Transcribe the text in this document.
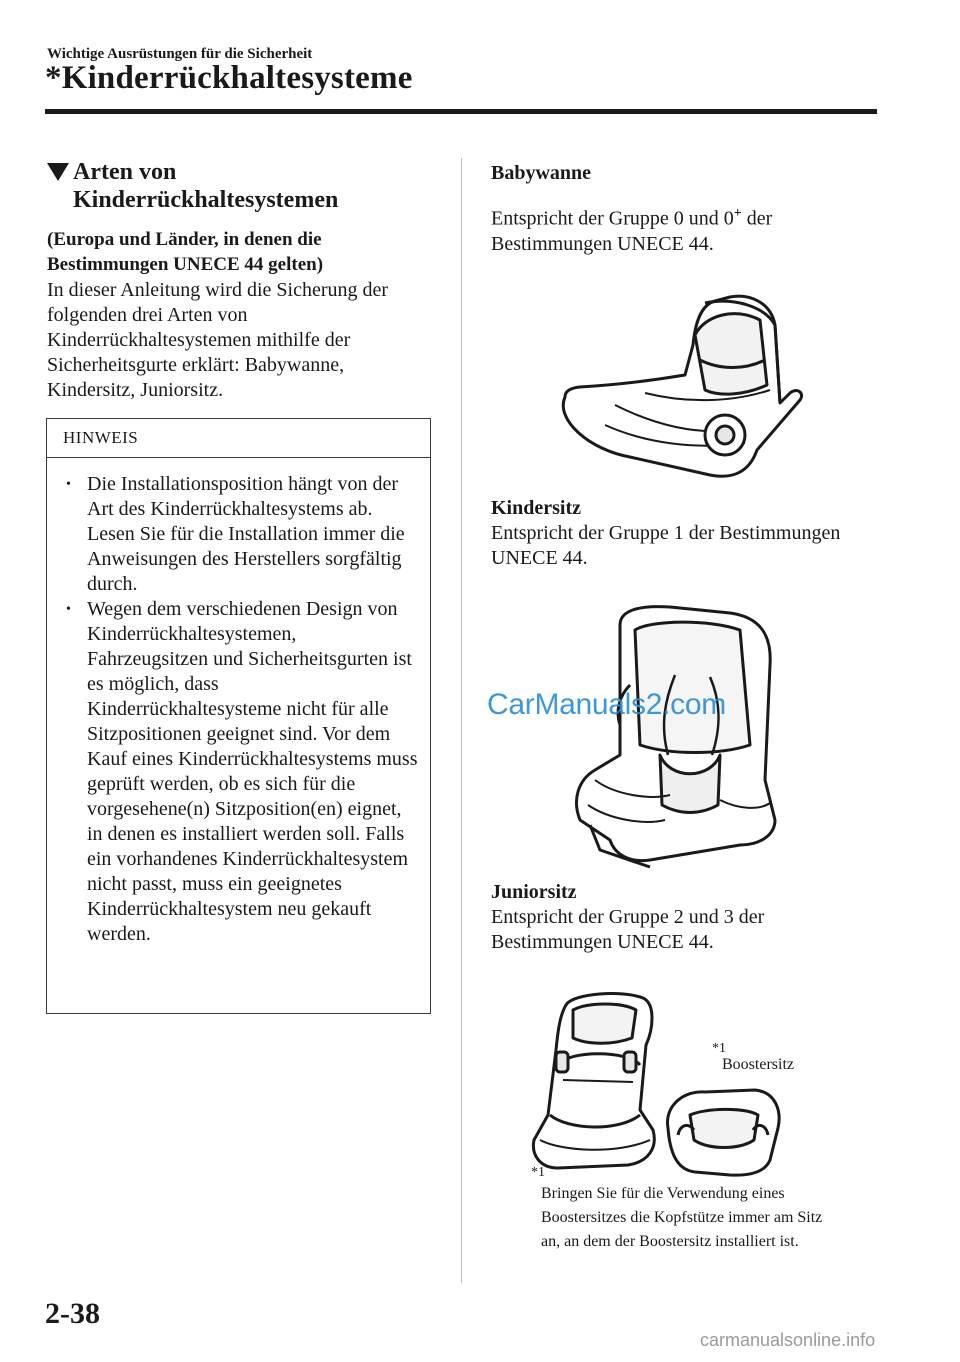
Wichtige Ausrüstungen für die Sicherheit
*Kinderrückhaltesysteme
Arten von
Kinderrückhaltesystemen
(Europa und Länder, in denen die Bestimmungen UNECE 44 gelten)
In dieser Anleitung wird die Sicherung der folgenden drei Arten von Kinderrückhaltesystemen mithilfe der Sicherheitsgurte erklärt: Babywanne, Kindersitz, Juniorsitz.
HINWEIS
• Die Installationsposition hängt von der Art des Kinderrückhaltesystems ab. Lesen Sie für die Installation immer die Anweisungen des Herstellers sorgfältig durch.
• Wegen dem verschiedenen Design von Kinderrückhaltesystemen, Fahrzeugsitzen und Sicherheitsgurten ist es möglich, dass Kinderrückhaltesysteme nicht für alle Sitzpositionen geeignet sind. Vor dem Kauf eines Kinderrückhaltesystems muss geprüft werden, ob es sich für die vorgesehene(n) Sitzposition(en) eignet, in denen es installiert werden soll. Falls ein vorhandenes Kinderrückhaltesystem nicht passt, muss ein geeignetes Kinderrückhaltesystem neu gekauft werden.
Babywanne
Entspricht der Gruppe 0 und 0+ der Bestimmungen UNECE 44.
Kindersitz
Entspricht der Gruppe 1 der Bestimmungen UNECE 44.
CarManuals2.com
Juniorsitz
Entspricht der Gruppe 2 und 3 der Bestimmungen UNECE 44.
*1
Boostersitz
*1
Bringen Sie für die Verwendung eines Boostersitzes die Kopfstütze immer am Sitz an, an dem der Boostersitz installiert ist.
2-38
carmanualsonline.info
